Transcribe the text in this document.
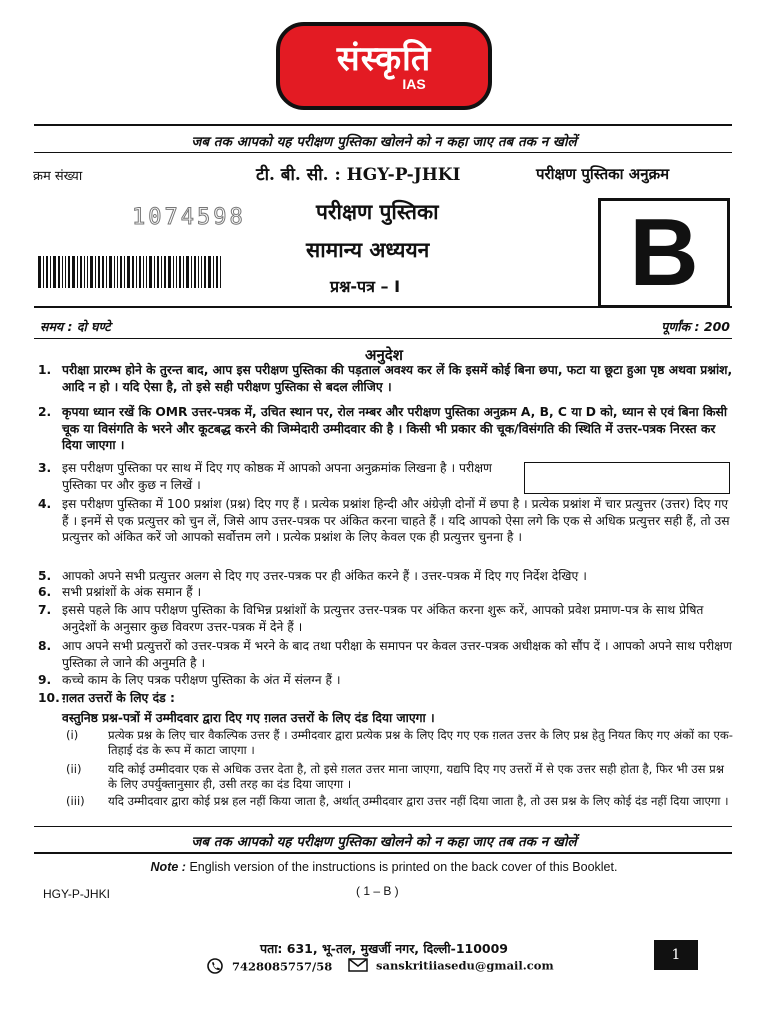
संस्कृति
IAS
जब तक आपको यह परीक्षण पुस्तिका खोलने को न कहा जाए तब तक न खोलें
क्रम संख्या	टी. बी. सी. : HGY-P-JHKI	परीक्षण पुस्तिका अनुक्रम
1074598	परीक्षण पुस्तिका
सामान्य अध्ययन
प्रश्न-पत्र – I B
समय : दो घण्टे	पूर्णांक : 200
अनुदेश
1. परीक्षा प्रारम्भ होने के तुरन्त बाद, आप इस परीक्षण पुस्तिका की पड़ताल अवश्य कर लें कि इसमें कोई बिना छपा, फटा या छूटा हुआ पृष्ठ अथवा प्रश्नांश, आदि न हो । यदि ऐसा है, तो इसे सही परीक्षण पुस्तिका से बदल लीजिए ।
2. कृपया ध्यान रखें कि OMR उत्तर-पत्रक में, उचित स्थान पर, रोल नम्बर और परीक्षण पुस्तिका अनुक्रम A, B, C या D को, ध्यान से एवं बिना किसी चूक या विसंगति के भरने और कूटबद्ध करने की जिम्मेदारी उम्मीदवार की है । किसी भी प्रकार की चूक/विसंगति की स्थिति में उत्तर-पत्रक निरस्त कर दिया जाएगा ।
3. इस परीक्षण पुस्तिका पर साथ में दिए गए कोष्ठक में आपको अपना अनुक्रमांक लिखना है । परीक्षण पुस्तिका पर और कुछ न लिखें ।
4. इस परीक्षण पुस्तिका में 100 प्रश्नांश (प्रश्न) दिए गए हैं । प्रत्येक प्रश्नांश हिन्दी और अंग्रेज़ी दोनों में छपा है । प्रत्येक प्रश्नांश में चार प्रत्युत्तर (उत्तर) दिए गए हैं । इनमें से एक प्रत्युत्तर को चुन लें, जिसे आप उत्तर-पत्रक पर अंकित करना चाहते हैं । यदि आपको ऐसा लगे कि एक से अधिक प्रत्युत्तर सही हैं, तो उस प्रत्युत्तर को अंकित करें जो आपको सर्वोत्तम लगे । प्रत्येक प्रश्नांश के लिए केवल एक ही प्रत्युत्तर चुनना है ।
5. आपको अपने सभी प्रत्युत्तर अलग से दिए गए उत्तर-पत्रक पर ही अंकित करने हैं । उत्तर-पत्रक में दिए गए निर्देश देखिए ।
6. सभी प्रश्नांशों के अंक समान हैं ।
7. इससे पहले कि आप परीक्षण पुस्तिका के विभिन्न प्रश्नांशों के प्रत्युत्तर उत्तर-पत्रक पर अंकित करना शुरू करें, आपको प्रवेश प्रमाण-पत्र के साथ प्रेषित अनुदेशों के अनुसार कुछ विवरण उत्तर-पत्रक में देने हैं ।
8. आप अपने सभी प्रत्युत्तरों को उत्तर-पत्रक में भरने के बाद तथा परीक्षा के समापन पर केवल उत्तर-पत्रक अधीक्षक को सौंप दें । आपको अपने साथ परीक्षण पुस्तिका ले जाने की अनुमति है ।
9. कच्चे काम के लिए पत्रक परीक्षण पुस्तिका के अंत में संलग्न हैं ।
10. ग़लत उत्तरों के लिए दंड :
वस्तुनिष्ठ प्रश्न-पत्रों में उम्मीदवार द्वारा दिए गए ग़लत उत्तरों के लिए दंड दिया जाएगा ।
(i)	प्रत्येक प्रश्न के लिए चार वैकल्पिक उत्तर हैं । उम्मीदवार द्वारा प्रत्येक प्रश्न के लिए दिए गए एक ग़लत उत्तर के लिए प्रश्न हेतु नियत किए गए अंकों का एक-तिहाई दंड के रूप में काटा जाएगा ।
(ii) यदि कोई उम्मीदवार एक से अधिक उत्तर देता है, तो इसे ग़लत उत्तर माना जाएगा, यद्यपि दिए गए उत्तरों में से एक उत्तर सही होता है, फिर भी उस प्रश्न के लिए उपर्युक्तानुसार ही, उसी तरह का दंड दिया जाएगा ।
(iii) यदि उम्मीदवार द्वारा कोई प्रश्न हल नहीं किया जाता है, अर्थात् उम्मीदवार द्वारा उत्तर नहीं दिया जाता है, तो उस प्रश्न के लिए कोई दंड नहीं दिया जाएगा ।
जब तक आपको यह परीक्षण पुस्तिका खोलने को न कहा जाए तब तक न खोलें
Note : English version of the instructions is printed on the back cover of this Booklet.
HGY-P-JHKI	( 1 – B )
पता: 631, भू-तल, मुखर्जी नगर, दिल्ली-110009
7428085757/58	sanskritiiasedu@gmail.com
1
